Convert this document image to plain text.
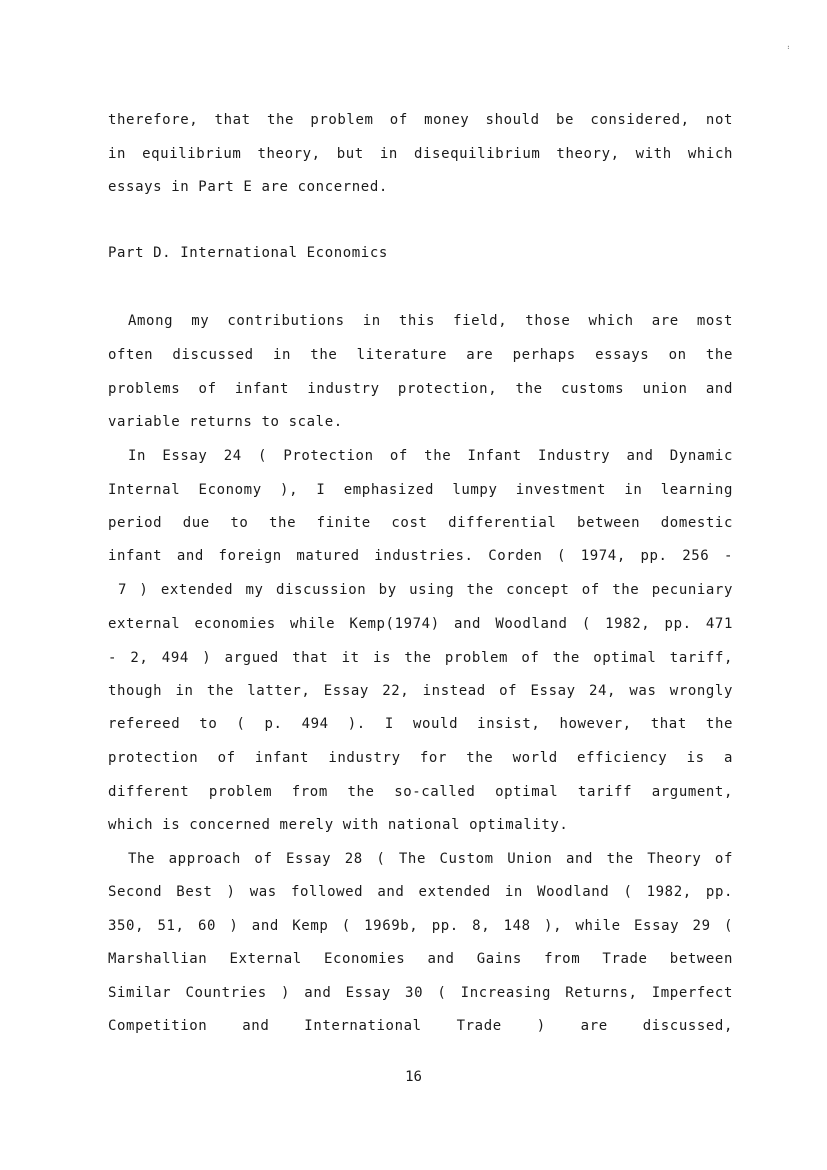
· ·
therefore, that the problem of money should be considered, not
in equilibrium theory, but in disequilibrium theory, with which
essays in Part E are concerned.
Part D. International Economics
Among my contributions in this field, those which are most
often discussed in the literature are perhaps essays on the
problems of infant industry protection, the customs union and
variable returns to scale.
In Essay 24 ( Protection of the Infant Industry and Dynamic
Internal Economy ), I emphasized lumpy investment in learning
period due to the finite cost differential between domestic
infant and foreign matured industries. Corden ( 1974, pp. 256 -
7 ) extended my discussion by using the concept of the pecuniary
external economies while Kemp(1974) and Woodland ( 1982, pp. 471
- 2, 494 ) argued that it is the problem of the optimal tariff,
though in the latter, Essay 22, instead of Essay 24, was wrongly
refereed to ( p. 494 ). I would insist, however, that the
protection of infant industry for the world efficiency is a
different problem from the so-called optimal tariff argument,
which is concerned merely with national optimality.
The approach of Essay 28 ( The Custom Union and the Theory of
Second Best ) was followed and extended in Woodland ( 1982, pp.
350, 51, 60 ) and Kemp ( 1969b, pp. 8, 148 ), while Essay 29 (
Marshallian External Economies and Gains from Trade between
Similar Countries ) and Essay 30 ( Increasing Returns, Imperfect
Competition and International Trade ) are discussed,
16
